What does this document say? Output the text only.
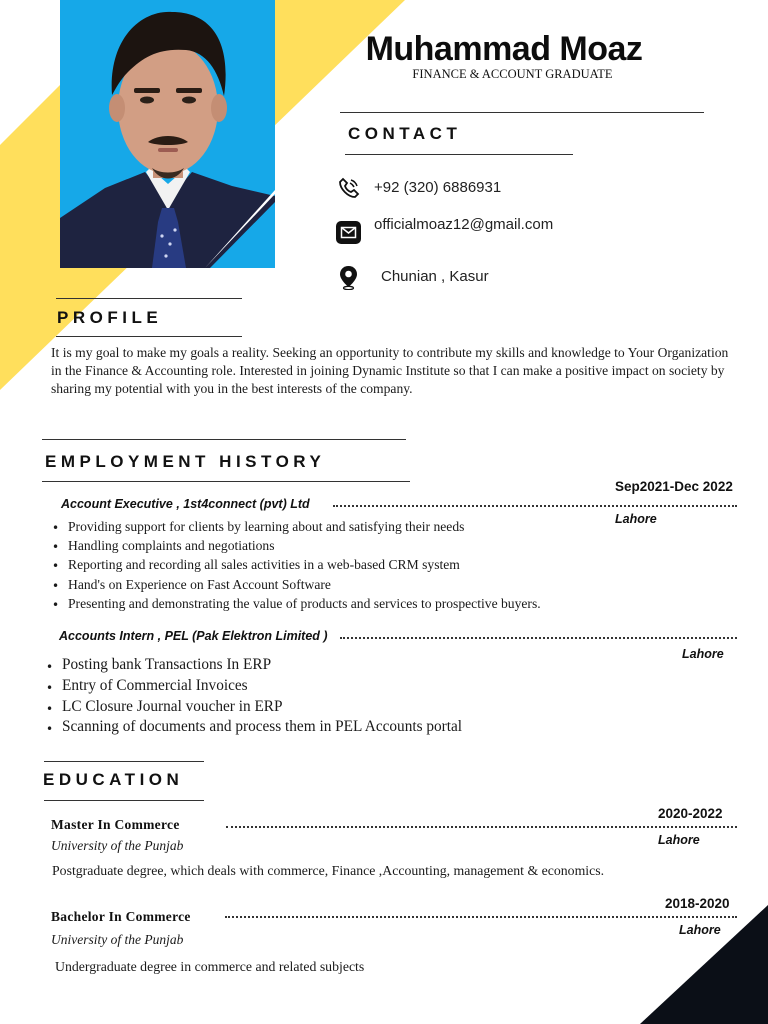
Muhammad Moaz
FINANCE & ACCOUNT GRADUATE
CONTACT
+92 (320) 6886931
officialmoaz12@gmail.com
Chunian , Kasur
PROFILE
It is my goal to make my goals a reality. Seeking an opportunity to contribute my skills and knowledge to Your Organization in the Finance & Accounting role. Interested in joining Dynamic Institute so that I can make a positive impact on society by sharing my potential with you in the best interests of the company.
EMPLOYMENT HISTORY
Sep2021-Dec 2022
Account Executive , 1st4connect (pvt) Ltd
Lahore
• Providing support for clients by learning about and satisfying their needs
• Handling complaints and negotiations
• Reporting and recording all sales activities in a web-based CRM system
• Hand's on Experience on Fast Account Software
• Presenting and demonstrating the value of products and services to prospective buyers.
Accounts Intern , PEL (Pak Elektron Limited )
Lahore
• Posting bank Transactions In ERP
• Entry of Commercial Invoices
• LC Closure Journal voucher in ERP
• Scanning of documents and process them in PEL Accounts portal
EDUCATION
2020-2022
Master In Commerce
Lahore
University of the Punjab
Postgraduate degree, which deals with commerce, Finance ,Accounting, management & economics.
2018-2020
Bachelor In Commerce
Lahore
University of the Punjab
Undergraduate degree in commerce and related subjects
